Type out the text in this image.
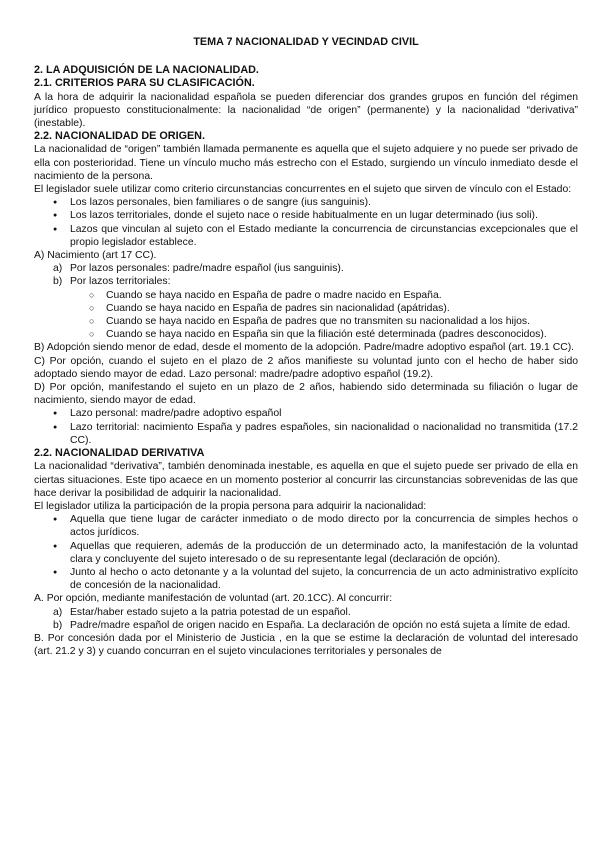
TEMA 7 NACIONALIDAD Y VECINDAD CIVIL
2. LA ADQUISICIÓN DE LA NACIONALIDAD.
2.1. CRITERIOS PARA SU CLASIFICACIÓN.

A la hora de adquirir la nacionalidad española se pueden diferenciar dos grandes grupos en función del régimen jurídico propuesto constitucionalmente: la nacionalidad “de origen” (permanente) y la nacionalidad “derivativa” (inestable).

2.2. NACIONALIDAD DE ORIGEN.

La nacionalidad de “origen” también llamada permanente es aquella que el sujeto adquiere y no puede ser privado de ella con posterioridad. Tiene un vínculo mucho más estrecho con el Estado, surgiendo un vínculo inmediato desde el nacimiento de la persona.

El legislador suele utilizar como criterio circunstancias concurrentes en el sujeto que sirven de vínculo con el Estado:

Los lazos personales, bien familiares o de sangre (ius sanguinis).
Los lazos territoriales, donde el sujeto nace o reside habitualmente en un lugar determinado (ius soli).
Lazos que vinculan al sujeto con el Estado mediante la concurrencia de circunstancias excepcionales que el propio legislador establece.

A) Nacimiento (art 17 CC).

a) Por lazos personales: padre/madre español (ius sanguinis).
b) Por lazos territoriales:
○ Cuando se haya nacido en España de padre o madre nacido en España.
○ Cuando se haya nacido en España de padres sin nacionalidad (apátridas).
○ Cuando se haya nacido en España de padres que no transmiten su nacionalidad a los hijos.
○ Cuando se haya nacido en España sin que la filiación esté determinada (padres desconocidos).

B) Adopción siendo menor de edad, desde el momento de la adopción. Padre/madre adoptivo español (art. 19.1 CC).

C) Por opción, cuando el sujeto en el plazo de 2 años manifieste su voluntad junto con el hecho de haber sido adoptado siendo mayor de edad. Lazo personal: madre/padre adoptivo español (19.2).

D) Por opción, manifestando el sujeto en un plazo de 2 años, habiendo sido determinada su filiación o lugar de nacimiento, siendo mayor de edad.

Lazo personal: madre/padre adoptivo español
Lazo territorial: nacimiento España y padres españoles, sin nacionalidad o nacionalidad no transmitida (17.2 CC).
2.2. NACIONALIDAD DERIVATIVA

La nacionalidad “derivativa”, también denominada inestable, es aquella en que el sujeto puede ser privado de ella en ciertas situaciones. Este tipo acaece en un momento posterior al concurrir las circunstancias sobrevenidas de las que hace derivar la posibilidad de adquirir la nacionalidad.

El legislador utiliza la participación de la propia persona para adquirir la nacionalidad:

Aquella que tiene lugar de carácter inmediato o de modo directo por la concurrencia de simples hechos o actos jurídicos.
Aquellas que requieren, además de la producción de un determinado acto, la manifestación de la voluntad clara y concluyente del sujeto interesado o de su representante legal (declaración de opción).
Junto al hecho o acto detonante y a la voluntad del sujeto, la concurrencia de un acto administrativo explícito de concesión de la nacionalidad.

A. Por opción, mediante manifestación de voluntad (art. 20.1CC). Al concurrir:

a) Estar/haber estado sujeto a la patria potestad de un español.
b) Padre/madre español de origen nacido en España. La declaración de opción no está sujeta a límite de edad.

B. Por concesión dada por el Ministerio de Justicia , en la que se estime la declaración de voluntad del interesado (art. 21.2 y 3) y cuando concurran en el sujeto vinculaciones territoriales y personales de
